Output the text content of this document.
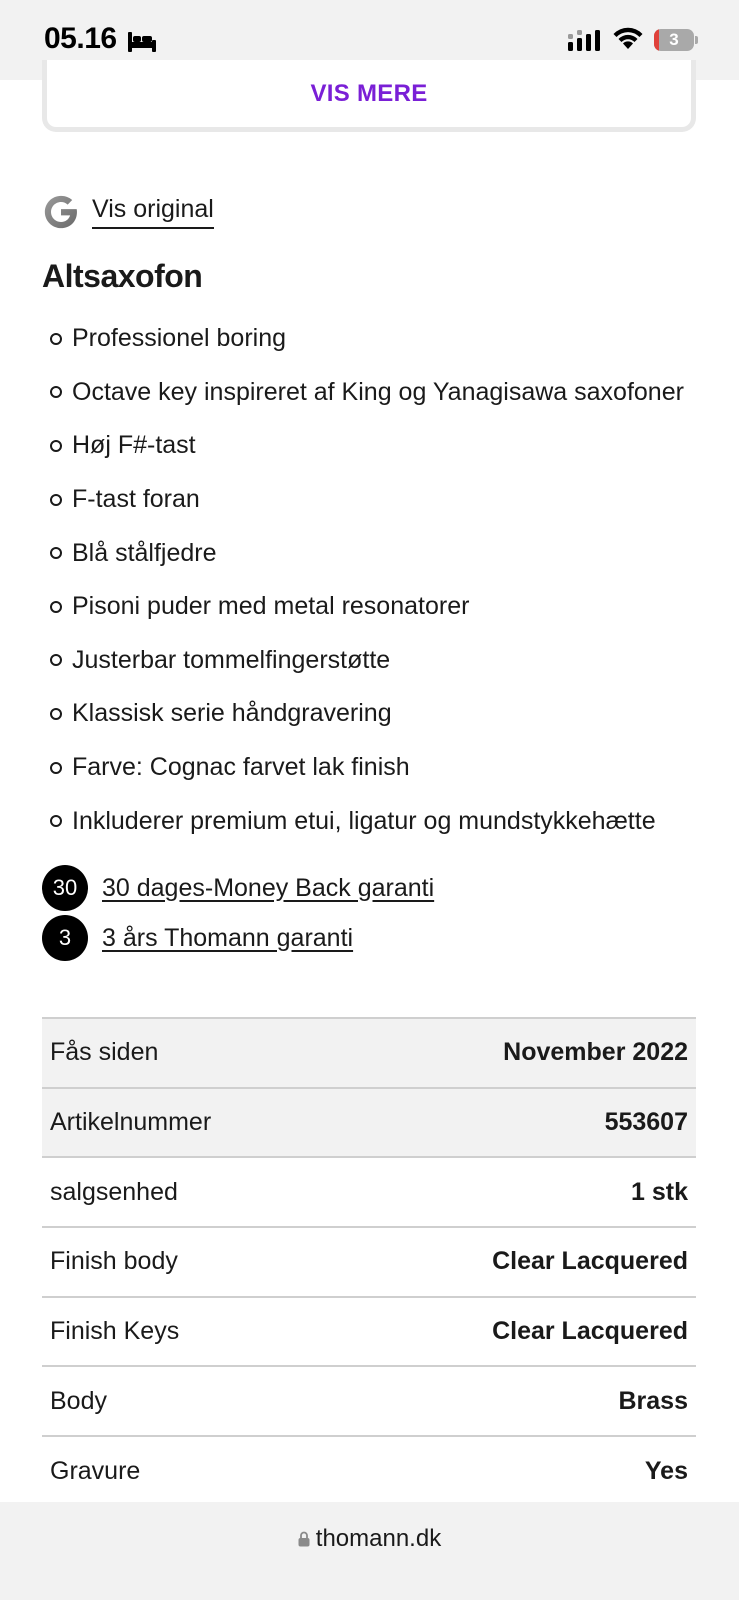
05.16	3
VIS MERE
Vis original
Altsaxofon
Professionel boring
Octave key inspireret af King og Yanagisawa saxofoner
Høj F#-tast
F-tast foran
Blå stålfjedre
Pisoni puder med metal resonatorer
Justerbar tommelfingerstøtte
Klassisk serie håndgravering
Farve: Cognac farvet lak finish
Inkluderer premium etui, ligatur og mundstykkehætte
30 30 dages-Money Back garanti
3	3 års Thomann garanti
Fås siden	November 2022
Artikelnummer	553607
salgsenhed	1 stk
Finish body	Clear Lacquered
Finish Keys	Clear Lacquered
Body	Brass
Gravure	Yes
thomann.dk
